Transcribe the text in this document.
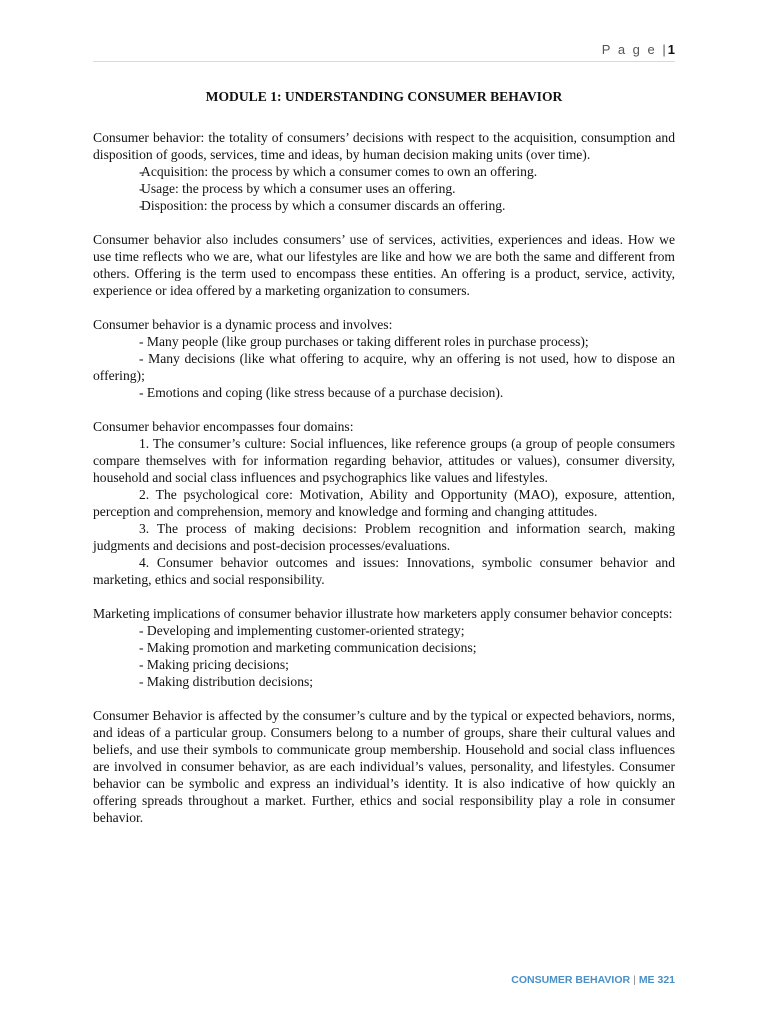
P a g e |1
MODULE 1: UNDERSTANDING CONSUMER BEHAVIOR

Consumer behavior: the totality of consumers’ decisions with respect to the acquisition, consumption and disposition of goods, services, time and ideas, by human decision making units (over time).

Acquisition: the process by which a consumer comes to own an offering.
Usage: the process by which a consumer uses an offering.
Disposition: the process by which a consumer discards an offering.

Consumer behavior also includes consumers’ use of services, activities, experiences and ideas. How we use time reflects who we are, what our lifestyles are like and how we are both the same and different from others. Offering is the term used to encompass these entities. An offering is a product, service, activity, experience or idea offered by a marketing organization to consumers.

Consumer behavior is a dynamic process and involves:

- Many people (like group purchases or taking different roles in purchase process);

- Many decisions (like what offering to acquire, why an offering is not used, how to dispose an offering);

- Emotions and coping (like stress because of a purchase decision).

Consumer behavior encompasses four domains:

1. The consumer’s culture: Social influences, like reference groups (a group of people consumers compare themselves with for information regarding behavior, attitudes or values), consumer diversity, household and social class influences and psychographics like values and lifestyles.

2. The psychological core: Motivation, Ability and Opportunity (MAO), exposure, attention, perception and comprehension, memory and knowledge and forming and changing attitudes.

3. The process of making decisions: Problem recognition and information search, making judgments and decisions and post-decision processes/evaluations.

4. Consumer behavior outcomes and issues: Innovations, symbolic consumer behavior and marketing, ethics and social responsibility.

Marketing implications of consumer behavior illustrate how marketers apply consumer behavior concepts:

- Developing and implementing customer-oriented strategy;

- Making promotion and marketing communication decisions;

- Making pricing decisions;

- Making distribution decisions;

Consumer Behavior is affected by the consumer’s culture and by the typical or expected behaviors, norms, and ideas of a particular group. Consumers belong to a number of groups, share their cultural values and beliefs, and use their symbols to communicate group membership. Household and social class influences are involved in consumer behavior, as are each individual’s values, personality, and lifestyles. Consumer behavior can be symbolic and express an individual’s identity. It is also indicative of how quickly an offering spreads throughout a market. Further, ethics and social responsibility play a role in consumer behavior.

CONSUMER BEHAVIOR | ME 321
